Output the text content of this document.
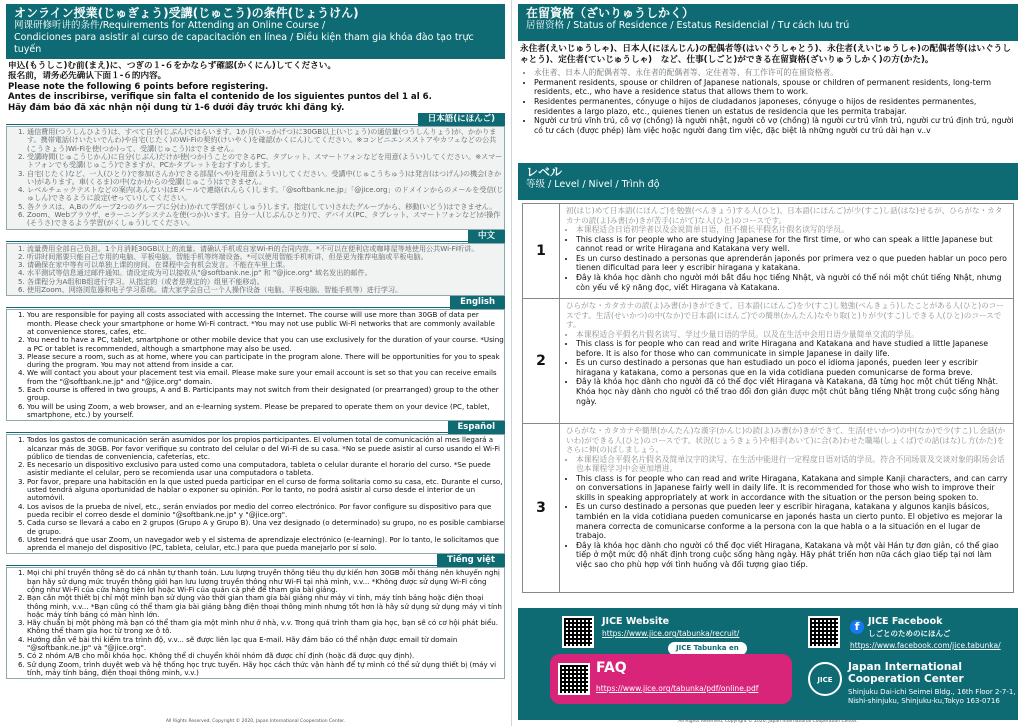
オンライン授業(じゅぎょう)受講(じゅこう)の条件(じょうけん)
网课研修听讲的条件/Requirements for Attending an Online Course /
Condiciones para asistir al curso de capacitación en línea / Điều kiện tham gia khóa đào tạo trực tuyến
申込(もうしこ)む前(まえ)に、つぎの１-６をかならず確認(かくにん)してください。
报名前，请务必先确认下面１-６的内容。
Please note the following 6 points before registering.
Antes de inscribirse, verifique sin falta el contenido de los siguientes puntos del 1 al 6.
Hãy đảm bảo đã xác nhận nội dung từ 1-6 dưới đây trước khi đăng ký.
日本語(にほんご)
1. 通信費用(つうしんひよう)は、すべて自分(じぶん)ではらいます。1か月(いっかげつ)に30GB以上(いじょう)の通信量(つうしんりょう)が、かかります。携帯電話(けいたいでんわ)や自宅(じたく)のWi-Fiの契約(けいやく)を確認(かくにん)してください。※コンビニエンスストアやカフェなどの公共(こうきょう)Wi-Fiを使(つか)って、受講(じゅこう)はできません。
2. 受講時間(じゅこうじかん)に自分(じぶん)だけが使(つか)うことのできるPC、タブレット、スマートフォンなどを用意(ようい)してください。※スマートフォンでも受講(じゅこう)できますが、PCかタブレットをおすすめします。
3. 自宅(じたく)など、一人(ひとり)で参加(さんか)できる部屋(へや)を用意(ようい)してください。受講中(じゅこうちゅう)は発言(はつげん)の機会(きかい)があります。車(くるま)の中(なか)からの受講(じゅこう)はできません。
4. レベルチェックテストなどの案内(あんない)はEメールで連絡(れんらく)します。「@softbank.ne.jp」「@jice.org」のドメインからのメールを受信(じゅしん)できるように設定(せってい)してください。
5. 各クラスは、A,Bのグループ2つのグループに分(わ)かれて学習(がくしゅう)します。指定(してい)されたグループから、移動(いどう)はできません。
6. Zoom、Webブラウザ、eラーニングシステムを使(つか)います。自分一人(じぶんひとり)で、デバイス(PC、タブレット、スマートフォンなど)が操作(そうさ)できるよう学習(がくしゅう)してください。
中文
1. 流量费用全部自己负担。1个月消耗30GB以上的流量。请确认手机或自家Wi-Fi的合同内容。*不可以在便利店或咖啡屋等地使用公共Wi-Fi听讲。
2. 听讲时间需要只能自己专用的电脑、平板电脑、智能手机等终端设备。*可以使用智能手机听讲，但是更为推荐电脑或平板电脑。
3. 请确保在家中等有可以单独上课的房间。在课程中会有机会发言。不能在车里上课。
4. 水平测试等信息通过邮件通知。请设定成为可以接收从"@softbank.ne.jp" 和 "@jice.org" 域名发出的邮件。
5. 各课程分为A组和B组进行学习。从指定的（或者是规定的）组里不能移动。
6. 使用Zoom、网络浏览器和电子学习系统。请大家学会自己一个人操作设备（电脑、平板电脑、智能手机等）进行学习。
English
1. You are responsible for paying all costs associated with accessing the Internet. The course will use more than 30GB of data per month. Please check your smartphone or home Wi-Fi contract. *You may not use public Wi-Fi networks that are commonly available at convenience stores, cafes, etc.
2. You need to have a PC, tablet, smartphone or other mobile device that you can use exclusively for the duration of your course. *Using a PC or tablet is recommended, although a smartphone may also be used.
3. Please secure a room, such as at home, where you can participate in the program alone. There will be opportunities for you to speak during the program. You may not attend from inside a car.
4. We will contact you about your placement test via email. Please make sure your email account is set so that you can receive emails from the "@softbank.ne.jp" and "@jice.org" domain.
5. Each course is offered in two groups, A and B. Participants may not switch from their designated (or prearranged) group to the other group.
6. You will be using Zoom, a web browser, and an e-learning system. Please be prepared to operate them on your device (PC, tablet, smartphone, etc.) by yourself.
Español
1. Todos los gastos de comunicación serán asumidos por los propios participantes. El volumen total de comunicación al mes llegará a alcanzar más de 30GB. Por favor verifique su contrato del celular o del Wi-Fi de su casa. *No se puede asistir al curso usando el Wi-Fi público de tiendas de conveniencia, cafeterías, etc.
2. Es necesario un dispositivo exclusivo para usted como una computadora, tableta o celular durante el horario del curso. *Se puede asistir mediante el celular, pero se recomienda usar una computadora o tableta.
3. Por favor, prepare una habitación en la que usted pueda participar en el curso de forma solitaria como su casa, etc. Durante el curso, usted tendrá alguna oportunidad de hablar o exponer su opinión. Por lo tanto, no podrá asistir al curso desde el interior de un automóvil.
4. Los avisos de la prueba de nivel, etc., serán enviados por medio del correo electrónico. Por favor configure su dispositivo para que pueda recibir el correo desde el dominio "@softbank.ne.jp" y "@jice.org".
5. Cada curso se llevará a cabo en 2 grupos (Grupo A y Grupo B). Una vez designado (o determinado) su grupo, no es posible cambiarse de grupo.
6. Usted tendrá que usar Zoom, un navegador web y el sistema de aprendizaje electrónico (e-learning). Por lo tanto, le solicitamos que aprenda el manejo del dispositivo (PC, tableta, celular, etc.) para que pueda manejarlo por sí solo.
Tiếng việt
1. Mọi chi phí truyền thông sẽ do cá nhân tự thanh toán. Lưu lượng truyền thông tiêu thụ dự kiến hơn 30GB mỗi tháng nên khuyến nghị bạn hãy sử dụng mức truyền thông giới hạn lưu lượng truyền thông như Wi-Fi tại nhà mình, v.v... *Không được sử dụng Wi-Fi công cộng như Wi-Fi của cửa hàng tiện lợi hoặc Wi-Fi của quán cà phê để tham gia bài giảng.
2. Bạn cần một thiết bị chỉ một mình bạn sử dụng vào thời gian tham gia bài giảng như máy vi tính, máy tính bảng hoặc điện thoại thông minh, v.v... *Bạn cũng có thể tham gia bài giảng bằng điện thoại thông minh nhưng tốt hơn là hãy sử dụng sử dụng máy vi tính hoặc máy tính bảng có màn hình lớn.
3. Hãy chuẩn bị một phòng mà bạn có thể tham gia một mình như ở nhà, v.v. Trong quá trình tham gia học, bạn sẽ có cơ hội phát biểu. Không thể tham gia học từ trong xe ô tô.
4. Hướng dẫn về bài thi kiểm tra trình độ, v.v... sẽ được liên lạc qua E-mail. Hãy đảm bảo có thể nhận được email từ domain "@softbank.ne.jp" và "@jice.org".
5. Có 2 nhóm A/B cho mỗi khóa học. Không thể di chuyển khỏi nhóm đã được chỉ định (hoặc đã được quy định).
6. Sử dụng Zoom, trình duyệt web và hệ thống học trực tuyến. Hãy học cách thức vận hành để tự mình có thể sử dụng thiết bị (máy vi tính, máy tính bảng, điện thoại thông minh, v.v.)
All Rights Reserved, Copyright © 2020, Japan International Cooperation Center.
在留資格（ざいりゅうしかく）
居留资格 / Status of Residence / Estatus Residencial / Tư cách lưu trú
永住者(えいじゅうしゃ)、日本人(にほんじん)の配偶者等(はいぐうしゃとう)、永住者(えいじゅうしゃ)の配偶者等(はいぐうしゃとう)、定住者(ていじゅうしゃ)　など、仕事(しごと)ができる在留資格(ざいりゅうしかく)の方(かた)。
• 永住者、日本人的配偶者等、永住者的配偶者等、定住者等、有工作许可的在留资格者。
• Permanent residents, spouse or children of Japanese nationals, spouse or children of permanent residents, long-term residents, etc., who have a residence status that allows them to work.
• Residentes permanentes, cónyuge o hijos de ciudadanos japoneses, cónyuge o hijos de residentes permanentes, residentes a largo plazo, etc., quienes tienen un estatus de residencia que les permita trabajar.
• Người cư trú vĩnh trú, cô vợ (chồng) là người nhật, người cô vợ (chồng) là người cư trú vĩnh trú, người cư trú định trú, người có tư cách (được phép) làm việc hoặc người đang tìm việc, đặc biệt là những người cư trú dài hạn v..v
レベル
等级 / Level / Nivel / Trình độ
1
初(はじ)めて日本語(にほんご)を勉強(べんきょう)する人(ひと)、日本語(にほんご)が少(すこ)し話(はな)せるが、ひらがな・カタカナの読(よ)み書(か)きが苦手(にがて)な人(ひと)のコースです。
• 本课程适合日语初学者以及会说简单日语，但不擅长平假名片假名读写的学员。
• This class is for people who are studying Japanese for the first time, or who can speak a little Japanese but cannot read or write Hiragana and Katakana very well.
• Es un curso destinado a personas que aprenderán japonés por primera vez o que pueden hablar un poco pero tienen dificultad para leer y escribir hiragana y katakana.
• Đây là khóa học dành cho người mới bắt đầu học tiếng Nhật, và người có thể nói một chút tiếng Nhật, nhưng còn yếu về kỹ năng đọc, viết Hiragana và Katakana.
2
ひらがな・カタカナの読(よ)み書(か)きができて、日本語(にほんご)を少(すこ)し勉強(べんきょう)したことがある人(ひと)のコースです。生活(せいかつ)の中(なか)で日本語(にほんご)での簡単(かんたん)なやり取(と)りが少(すこ)しできる人(ひと)のコースです。
• 本课程适合平假名片假名读写、学过少量日语的学员。以及在生活中会用日语少量简单交流的学员。
• This class is for people who can read and write Hiragana and Katakana and have studied a little Japanese before. It is also for those who can communicate in simple Japanese in daily life.
• Es un curso destinado a personas que han estudiado un poco el idioma japonés, pueden leer y escribir hiragana y katakana, como a personas que en la vida cotidiana pueden comunicarse de forma breve.
• Đây là khóa học dành cho người đã có thể đọc viết Hiragana và Katakana, đã từng học một chút tiếng Nhật. Khóa học này dành cho người có thể trao đổi đơn giản được một chút bằng tiếng Nhật trong cuộc sống hàng ngày.
3
ひらがな・カタカナや簡単(かんたん)な漢字(かんじ)の読(よ)み書(か)きができて、生活(せいかつ)の中(なか)で少(すこ)し会話(かいわ)ができる人(ひと)のコースです。状況(じょうきょう)や相手(あいて)に合(あ)わせた職場(しょくば)での話(はな)し方(かた)をさらに伸(の)ばしましょう。
• 本课程适合平假名片假名及简单汉字的读写、在生活中能进行一定程度日语对话的学员。符合不同场景及交谈对象的职场会话也本课程学习中会更加增进。
• This class is for people who can read and write Hiragana, Katakana and simple Kanji characters, and can carry on conversations in Japanese fairly well in daily life. It is recommended for those who wish to improve their skills in speaking appropriately at work in accordance with the situation or the person being spoken to.
• Es un curso destinado a personas que pueden leer y escribir hiragana, katakana y algunos kanjis básicos, también en la vida cotidiana pueden comunicarse en japonés hasta un cierto punto. El objetivo es mejorar la manera correcta de comunicarse conforme a la persona con la que habla o a la situación en el lugar de trabajo.
• Đây là khóa học dành cho người có thể đọc viết Hiragana, Katakana và một vài Hán tự đơn giản, có thể giao tiếp ở một mức độ nhất định trong cuộc sống hàng ngày. Hãy phát triển hơn nữa cách giao tiếp tại nơi làm việc sao cho phù hợp với tình huống và đối tượng giao tiếp.
JICE Website
https://www.jice.org/tabunka/recruit/
JICE Tabunka en
f JICE Facebook
しごとのためのにほんご
https://www.facebook.com/jice.tabunka/
FAQ
https://www.jice.org/tabunka/pdf/online.pdf
JICE
Japan International
Cooperation Center
Shinjuku Dai-ichi Seimei Bldg., 16th Floor 2-7-1,
Nishi-shinjuku, Shinjuku-ku,Tokyo 163-0716
All Rights Reserved, Copyright © 2020, Japan International Cooperation Center.
